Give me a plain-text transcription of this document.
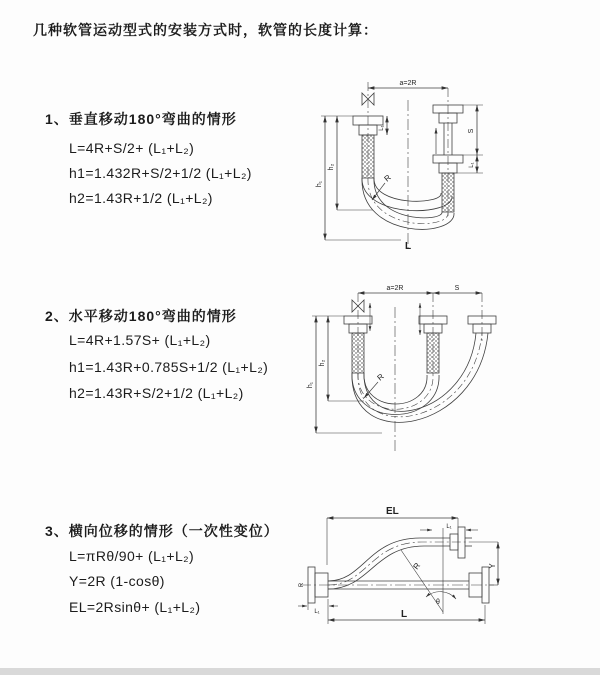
几种软管运动型式的安装方式时，软管的长度计算：
1、垂直移动180°弯曲的情形
L=4R+S/2+ (L₁+L₂)
h1=1.432R+S/2+1/2 (L₁+L₂)
h2=1.43R+1/2 (L₁+L₂)
2、水平移动180°弯曲的情形
L=4R+1.57S+ (L₁+L₂)
h1=1.43R+0.785S+1/2 (L₁+L₂)
h2=1.43R+S/2+1/2 (L₁+L₂)
3、横向位移的情形（一次性变位）
L=πRθ/90+ (L₁+L₂)
Y=2R (1-cosθ)
EL=2Rsinθ+ (L₁+L₂)
a=2R
L₁
h₁
h₂
S
L₁
R
L
a=2R	S
h₁
h₂
R
EL
L₁
Y
R
θ
L
L₁
R
